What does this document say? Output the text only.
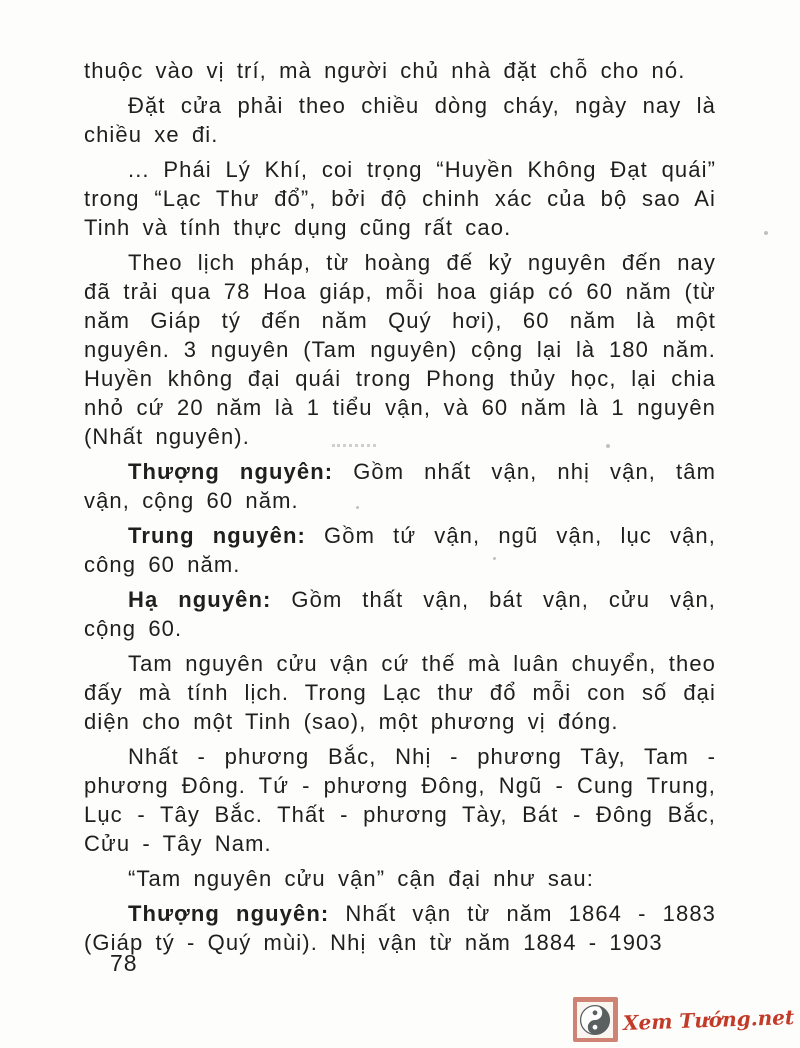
thuộc vào vị trí, mà người chủ nhà đặt chỗ cho nó.

Đặt cửa phải theo chiều dòng cháy, ngày nay là chiều xe đi.

... Phái Lý Khí, coi trọng “Huyền Không Đạt quái” trong “Lạc Thư đổ”, bởi độ chinh xác của bộ sao Ai Tinh và tính thực dụng cũng rất cao.

Theo lịch pháp, từ hoàng đế kỷ nguyên đến nay đã trải qua 78 Hoa giáp, mỗi hoa giáp có 60 năm (từ năm Giáp tý đến năm Quý hơi), 60 năm là một nguyên. 3 nguyên (Tam nguyên) cộng lại là 180 năm. Huyền không đại quái trong Phong thủy học, lại chia nhỏ cứ 20 năm là 1 tiểu vận, và 60 năm là 1 nguyên (Nhất nguyên).

Thượng nguyên: Gồm nhất vận, nhị vận, tâm vận, cộng 60 năm.

Trung nguyên: Gồm tứ vận, ngũ vận, lục vận, công 60 năm.

Hạ nguyên: Gồm thất vận, bát vận, cửu vận, cộng 60.

Tam nguyên cửu vận cứ thế mà luân chuyển, theo đấy mà tính lịch. Trong Lạc thư đổ mỗi con số đại diện cho một Tinh (sao), một phương vị đóng.

Nhất - phương Bắc, Nhị - phương Tây, Tam - phương Đông. Tứ - phương Đông, Ngũ - Cung Trung, Lục - Tây Bắc. Thất - phương Tày, Bát - Đông Bắc, Cửu - Tây Nam.

“Tam nguyên cửu vận” cận đại như sau:

Thượng nguyên: Nhất vận từ năm 1864 - 1883 (Giáp tý - Quý mùi). Nhị vận từ năm 1884 - 1903

78
Xem Tướng.net
